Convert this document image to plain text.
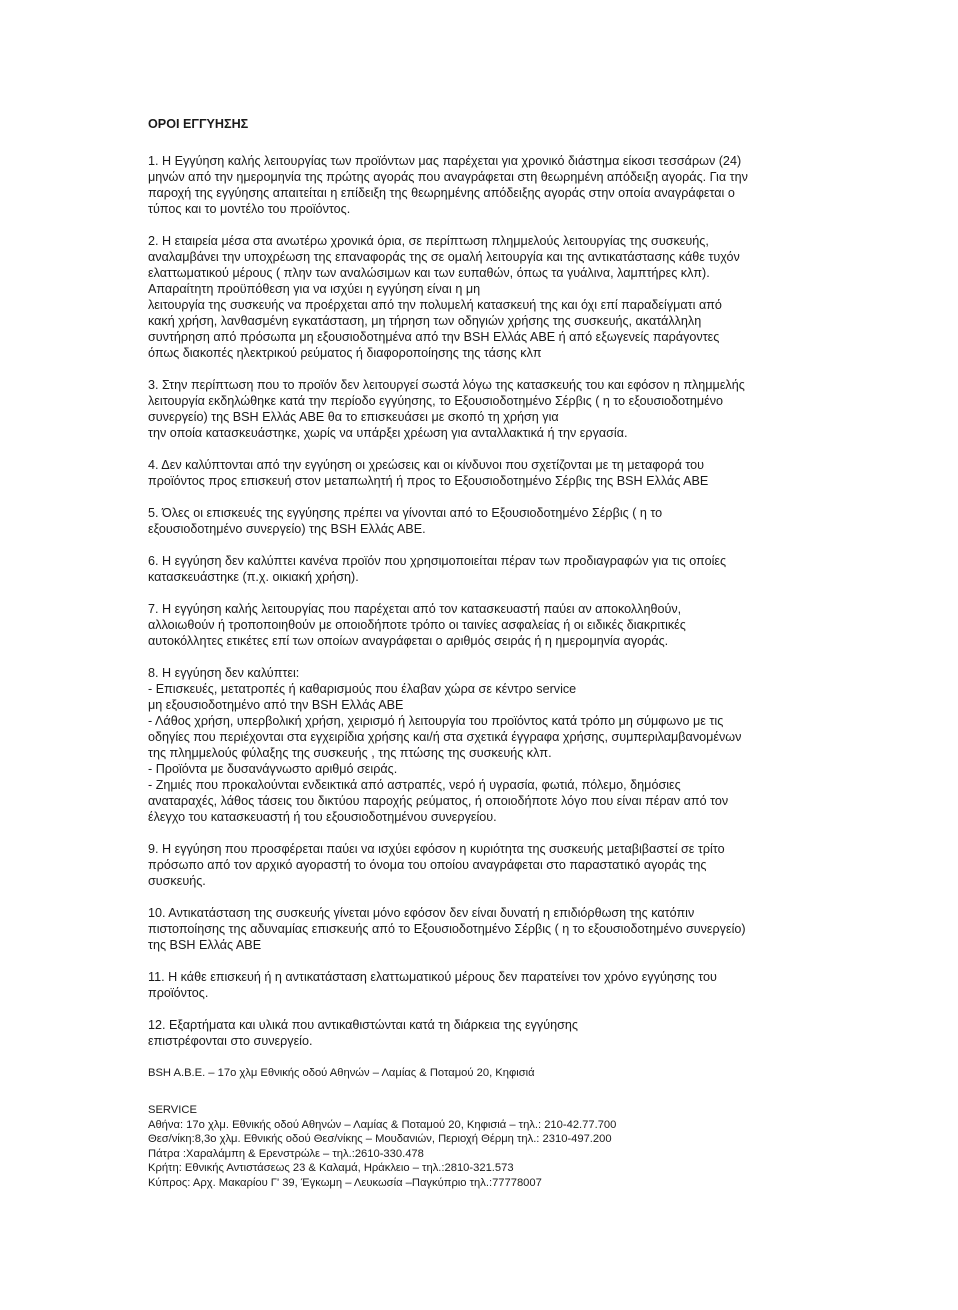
ΟΡΟΙ ΕΓΓΥΗΣΗΣ
1. Η Εγγύηση καλής λειτουργίας των προϊόντων μας παρέχεται για χρονικό διάστημα είκοσι τεσσάρων (24)
μηνών από την ημερομηνία της πρώτης αγοράς που αναγράφεται στη θεωρημένη απόδειξη αγοράς. Για την
παροχή της εγγύησης απαιτείται η επίδειξη της θεωρημένης απόδειξης αγοράς στην οποία αναγράφεται ο
τύπος και το μοντέλο του προϊόντος.
2. Η εταιρεία μέσα στα ανωτέρω χρονικά όρια, σε περίπτωση πλημμελούς λειτουργίας της συσκευής,
αναλαμβάνει την υποχρέωση της επαναφοράς της σε ομαλή λειτουργία και της αντικατάστασης κάθε τυχόν
ελαττωματικού μέρους ( πλην των αναλώσιμων και των ευπαθών, όπως τα γυάλινα, λαμπτήρες κλπ).
Απαραίτητη προϋπόθεση για να ισχύει η εγγύηση είναι η μη
λειτουργία της συσκευής να προέρχεται από την πολυμελή κατασκευή της και όχι επί παραδείγματι από
κακή χρήση, λανθασμένη εγκατάσταση, μη τήρηση των οδηγιών χρήσης της συσκευής, ακατάλληλη
συντήρηση από πρόσωπα μη εξουσιοδοτημένα από την BSH Ελλάς ΑΒΕ ή από εξωγενείς παράγοντες
όπως διακοπές ηλεκτρικού ρεύματος ή διαφοροποίησης της τάσης κλπ
3. Στην περίπτωση που το προϊόν δεν λειτουργεί σωστά λόγω της κατασκευής του και εφόσον η πλημμελής
λειτουργία εκδηλώθηκε κατά την περίοδο εγγύησης, το Εξουσιοδοτημένο Σέρβις ( η το εξουσιοδοτημένο
συνεργείο) της BSH Ελλάς ΑΒΕ θα το επισκευάσει με σκοπό τη χρήση για
την οποία κατασκευάστηκε, χωρίς να υπάρξει χρέωση για ανταλλακτικά ή την εργασία.
4. Δεν καλύπτονται από την εγγύηση οι χρεώσεις και οι κίνδυνοι που σχετίζονται με τη μεταφορά του
προϊόντος προς επισκευή στον μεταπωλητή ή προς το Εξουσιοδοτημένο Σέρβις της BSH Ελλάς ΑΒΕ
5. Όλες οι επισκευές της εγγύησης πρέπει να γίνονται από το Εξουσιοδοτημένο Σέρβις ( η το
εξουσιοδοτημένο συνεργείο) της BSH Ελλάς ΑΒΕ.
6. Η εγγύηση δεν καλύπτει κανένα προϊόν που χρησιμοποιείται πέραν των προδιαγραφών για τις οποίες
κατασκευάστηκε (π.χ. οικιακή χρήση).
7. Η εγγύηση καλής λειτουργίας που παρέχεται από τον κατασκευαστή παύει αν αποκολληθούν,
αλλοιωθούν ή τροποποιηθούν με οποιοδήποτε τρόπο οι ταινίες ασφαλείας ή οι ειδικές διακριτικές
αυτοκόλλητες ετικέτες επί των οποίων αναγράφεται ο αριθμός σειράς ή η ημερομηνία αγοράς.
8. Η εγγύηση δεν καλύπτει:
- Επισκευές, μετατροπές ή καθαρισμούς που έλαβαν χώρα σε κέντρο service
μη εξουσιοδοτημένο από την BSH Ελλάς ΑΒΕ
- Λάθος χρήση, υπερβολική χρήση, χειρισμό ή λειτουργία του προϊόντος κατά τρόπο μη σύμφωνο με τις
οδηγίες που περιέχονται στα εγχειρίδια χρήσης και/ή στα σχετικά έγγραφα χρήσης, συμπεριλαμβανομένων
της πλημμελούς φύλαξης της συσκευής , της πτώσης της συσκευής κλπ.
- Προϊόντα με δυσανάγνωστο αριθμό σειράς.
- Ζημιές που προκαλούνται ενδεικτικά από αστραπές, νερό ή υγρασία, φωτιά, πόλεμο, δημόσιες
αναταραχές, λάθος τάσεις του δικτύου παροχής ρεύματος, ή οποιοδήποτε λόγο που είναι πέραν από τον
έλεγχο του κατασκευαστή ή του εξουσιοδοτημένου συνεργείου.
9. Η εγγύηση που προσφέρεται παύει να ισχύει εφόσον η κυριότητα της συσκευής μεταβιβαστεί σε τρίτο
πρόσωπο από τον αρχικό αγοραστή το όνομα του οποίου αναγράφεται στο παραστατικό αγοράς της
συσκευής.
10. Αντικατάσταση της συσκευής γίνεται μόνο εφόσον δεν είναι δυνατή η επιδιόρθωση της κατόπιν
πιστοποίησης της αδυναμίας επισκευής από το Εξουσιοδοτημένο Σέρβις ( η το εξουσιοδοτημένο συνεργείο)
της BSH Ελλάς ΑΒΕ
11. Η κάθε επισκευή ή η αντικατάσταση ελαττωματικού μέρους δεν παρατείνει τον χρόνο εγγύησης του
προϊόντος.
12. Εξαρτήματα και υλικά που αντικαθιστώνται κατά τη διάρκεια της εγγύησης
επιστρέφονται στο συνεργείο.
BSH A.B.E. – 17ο χλμ Εθνικής οδού Αθηνών – Λαμίας & Ποταμού 20, Κηφισιά
SERVICE
Αθήνα: 17ο χλμ. Εθνικής οδού Αθηνών – Λαμίας & Ποταμού 20, Κηφισιά – τηλ.: 210-42.77.700
Θεσ/νίκη:8,3ο χλμ. Εθνικής οδού Θεσ/νίκης – Μουδανιών, Περιοχή Θέρμη τηλ.: 2310-497.200
Πάτρα :Χαραλάμπη & Ερενστρώλε – τηλ.:2610-330.478
Κρήτη: Εθνικής Αντιστάσεως 23 & Καλαμά, Ηράκλειο – τηλ.:2810-321.573
Κύπρος: Αρχ. Μακαρίου Γ' 39, Έγκωμη – Λευκωσία –Παγκύπριο τηλ.:77778007
